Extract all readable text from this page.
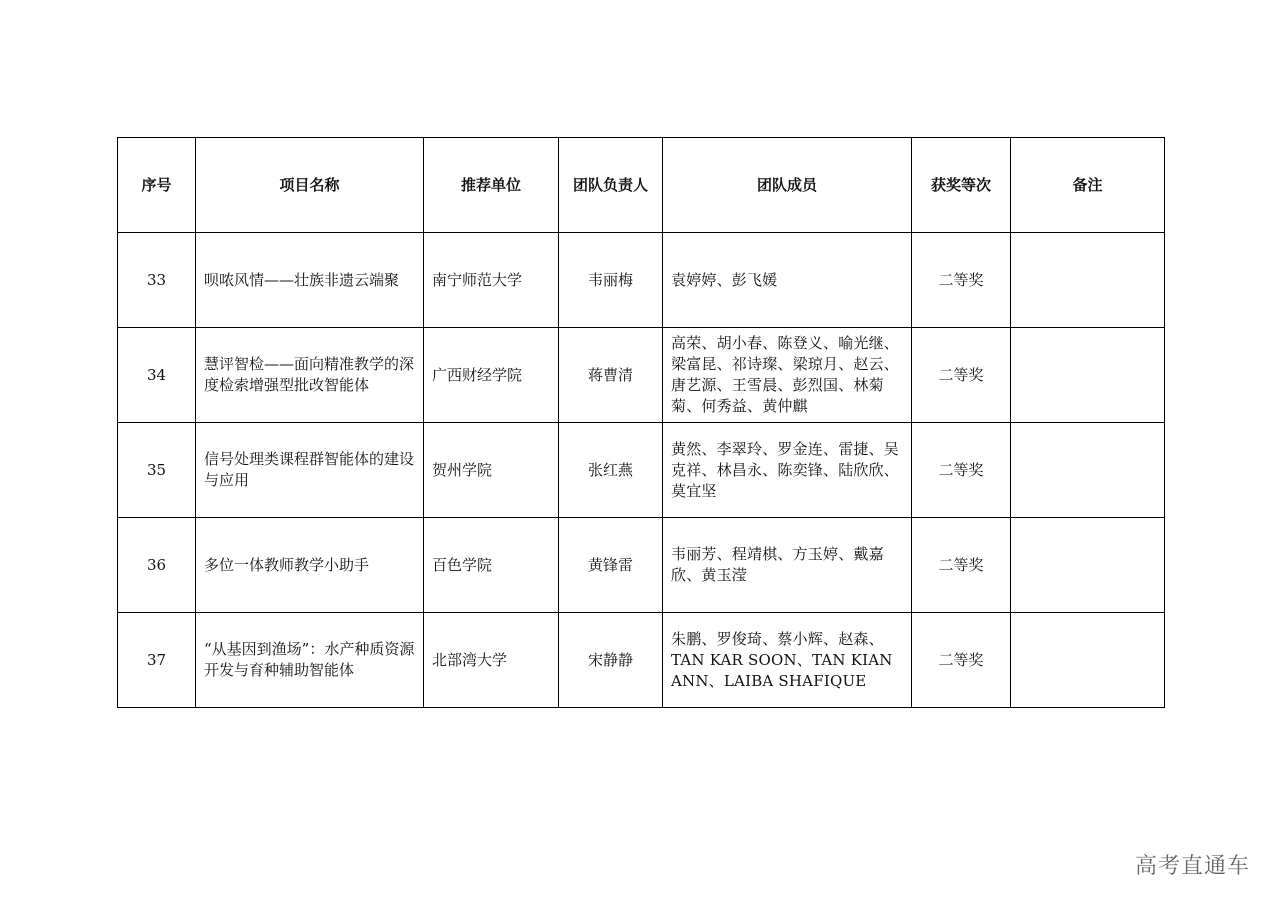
序号	项目名称	推荐单位	团队负责人	团队成员	获奖等次	备注
33	呗哝风情——壮族非遗云端聚	南宁师范大学	韦丽梅	袁婷婷、彭飞媛	二等奖	
34	慧评智检——面向精准教学的深度检索增强型批改智能体	广西财经学院	蒋曹清	高荣、胡小春、陈登义、喻光继、梁富昆、祁诗璨、梁琼月、赵云、唐艺源、王雪晨、彭烈国、林菊菊、何秀益、黄仲麒	二等奖	
35	信号处理类课程群智能体的建设与应用	贺州学院	张红燕	黄然、李翠玲、罗金连、雷捷、吴克祥、林昌永、陈奕锋、陆欣欣、莫宜坚	二等奖	
36	多位一体教师教学小助手	百色学院	黄锋雷	韦丽芳、程靖棋、方玉婷、戴嘉欣、黄玉滢	二等奖	
37	“从基因到渔场”：水产种质资源开发与育种辅助智能体	北部湾大学	宋静静	朱鹏、罗俊琦、蔡小辉、赵森、TAN KAR SOON、TAN KIAN ANN、LAIBA SHAFIQUE	二等奖	
高考直通车
